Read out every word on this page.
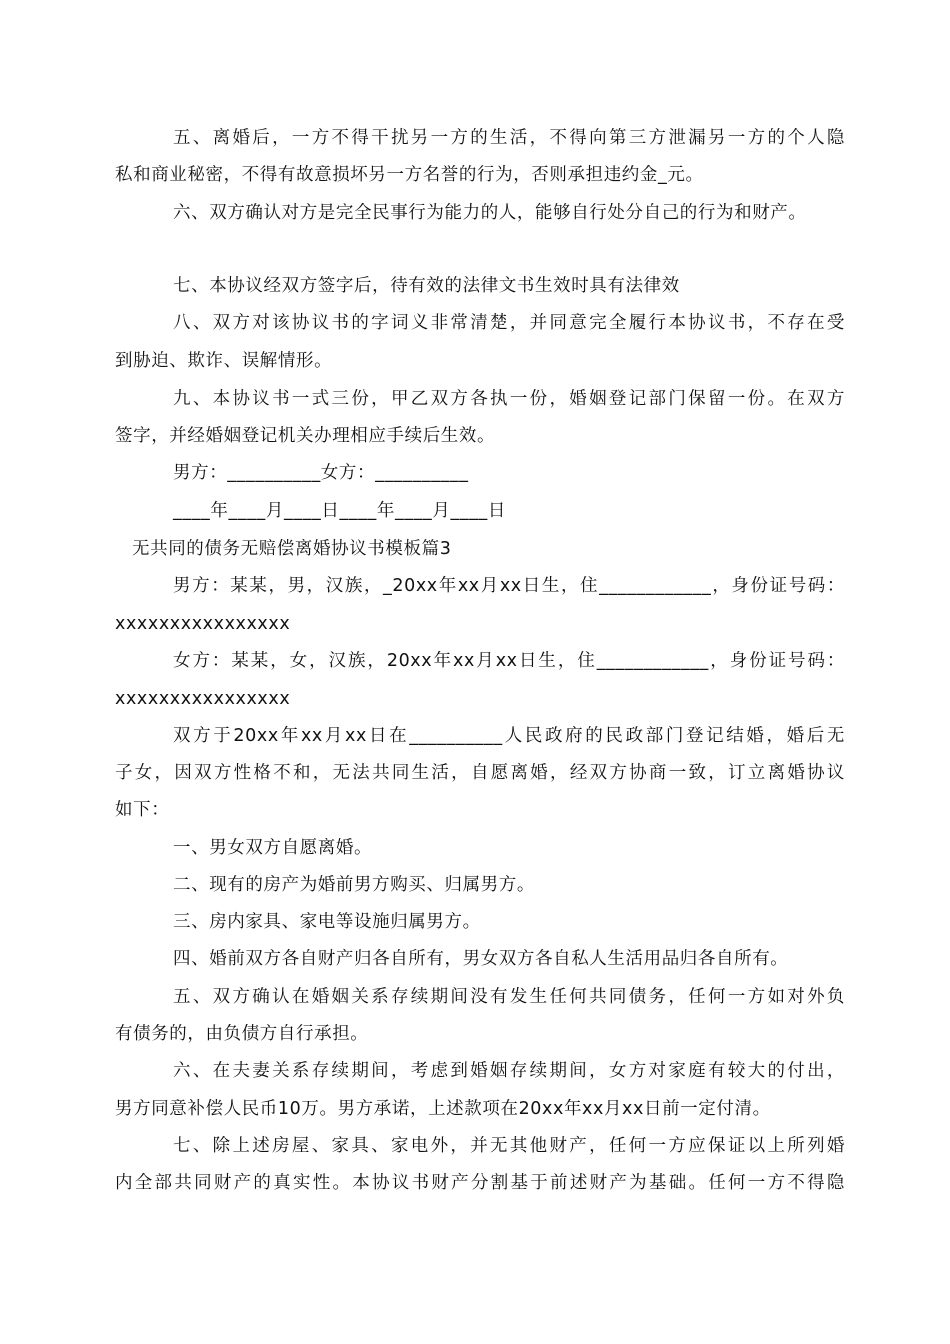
五、离婚后，一方不得干扰另一方的生活，不得向第三方泄漏另一方的个人隐
私和商业秘密，不得有故意损坏另一方名誉的行为，否则承担违约金_元。
六、双方确认对方是完全民事行为能力的人，能够自行处分自己的行为和财产。
七、本协议经双方签字后，待有效的法律文书生效时具有法律效
八、双方对该协议书的字词义非常清楚，并同意完全履行本协议书，不存在受
到胁迫、欺诈、误解情形。
九、本协议书一式三份，甲乙双方各执一份，婚姻登记部门保留一份。在双方
签字，并经婚姻登记机关办理相应手续后生效。
男方：__________女方：__________
____年____月____日____年____月____日
无共同的债务无赔偿离婚协议书模板篇3
男方：某某，男，汉族，_20xx年xx月xx日生，住____________，身份证号码：
xxxxxxxxxxxxxxxx
女方：某某，女，汉族，20xx年xx月xx日生，住____________，身份证号码：
xxxxxxxxxxxxxxxx
双方于20xx年xx月xx日在__________人民政府的民政部门登记结婚，婚后无
子女，因双方性格不和，无法共同生活，自愿离婚，经双方协商一致，订立离婚协议
如下：
一、男女双方自愿离婚。
二、现有的房产为婚前男方购买、归属男方。
三、房内家具、家电等设施归属男方。
四、婚前双方各自财产归各自所有，男女双方各自私人生活用品归各自所有。
五、双方确认在婚姻关系存续期间没有发生任何共同债务，任何一方如对外负
有债务的，由负债方自行承担。
六、在夫妻关系存续期间，考虑到婚姻存续期间，女方对家庭有较大的付出，
男方同意补偿人民币10万。男方承诺，上述款项在20xx年xx月xx日前一定付清。
七、除上述房屋、家具、家电外，并无其他财产，任何一方应保证以上所列婚
内全部共同财产的真实性。本协议书财产分割基于前述财产为基础。任何一方不得隐
